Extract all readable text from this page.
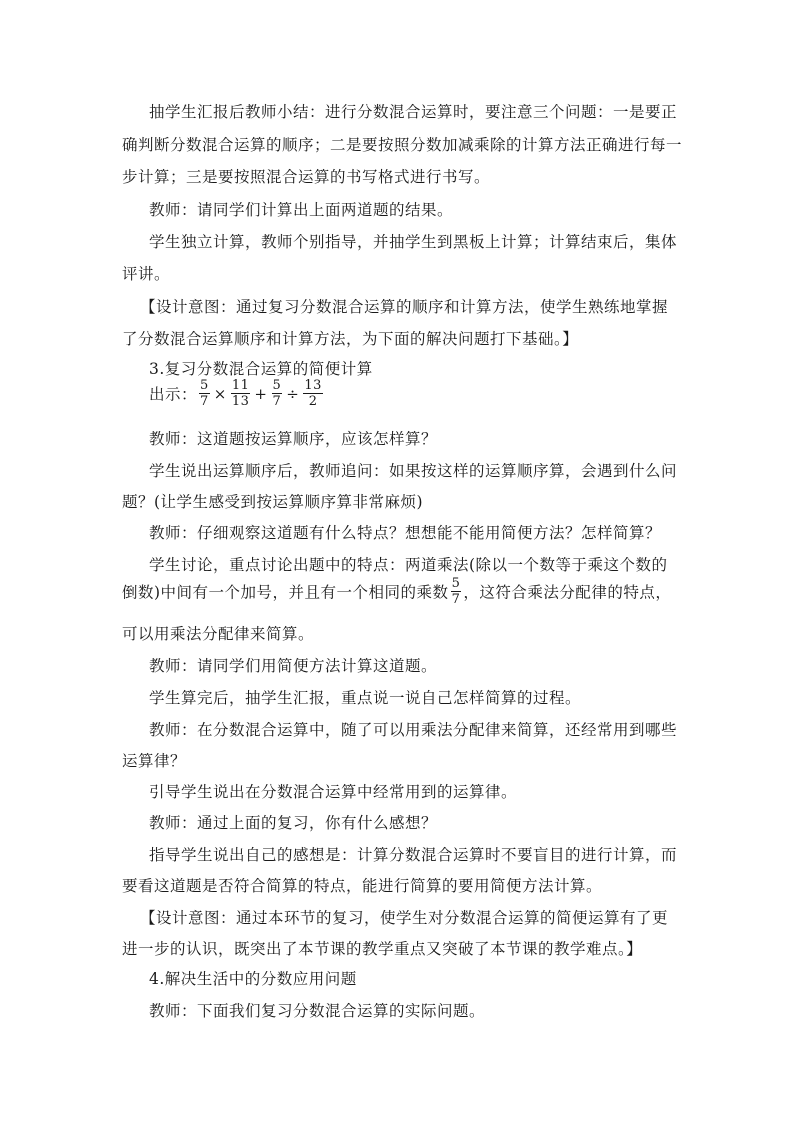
抽学生汇报后教师小结：进行分数混合运算时，要注意三个问题：一是要正
确判断分数混合运算的顺序；二是要按照分数加减乘除的计算方法正确进行每一
步计算；三是要按照混合运算的书写格式进行书写。
教师：请同学们计算出上面两道题的结果。
学生独立计算，教师个别指导，并抽学生到黑板上计算；计算结束后，集体
评讲。
【设计意图：通过复习分数混合运算的顺序和计算方法，使学生熟练地掌握
了分数混合运算顺序和计算方法，为下面的解决问题打下基础。】
3.复习分数混合运算的简便计算
出示： $\frac{5}{7} \times \frac{11}{13} + \frac{5}{7} \div \frac{13}{2}$
教师：这道题按运算顺序，应该怎样算？
学生说出运算顺序后，教师追问：如果按这样的运算顺序算，会遇到什么问
题？(让学生感受到按运算顺序算非常麻烦)
教师：仔细观察这道题有什么特点？想想能不能用简便方法？怎样简算？
学生讨论，重点讨论出题中的特点：两道乘法(除以一个数等于乘这个数的
倒数)中间有一个加号，并且有一个相同的乘数 $\frac{5}{7}$ ，这符合乘法分配律的特点，
可以用乘法分配律来简算。
教师：请同学们用简便方法计算这道题。
学生算完后，抽学生汇报，重点说一说自己怎样简算的过程。
教师：在分数混合运算中，随了可以用乘法分配律来简算，还经常用到哪些
运算律？
引导学生说出在分数混合运算中经常用到的运算律。
教师：通过上面的复习，你有什么感想？
指导学生说出自己的感想是：计算分数混合运算时不要盲目的进行计算，而
要看这道题是否符合简算的特点，能进行简算的要用简便方法计算。
【设计意图：通过本环节的复习，使学生对分数混合运算的简便运算有了更
进一步的认识，既突出了本节课的教学重点又突破了本节课的教学难点。】
4.解决生活中的分数应用问题
教师：下面我们复习分数混合运算的实际问题。
